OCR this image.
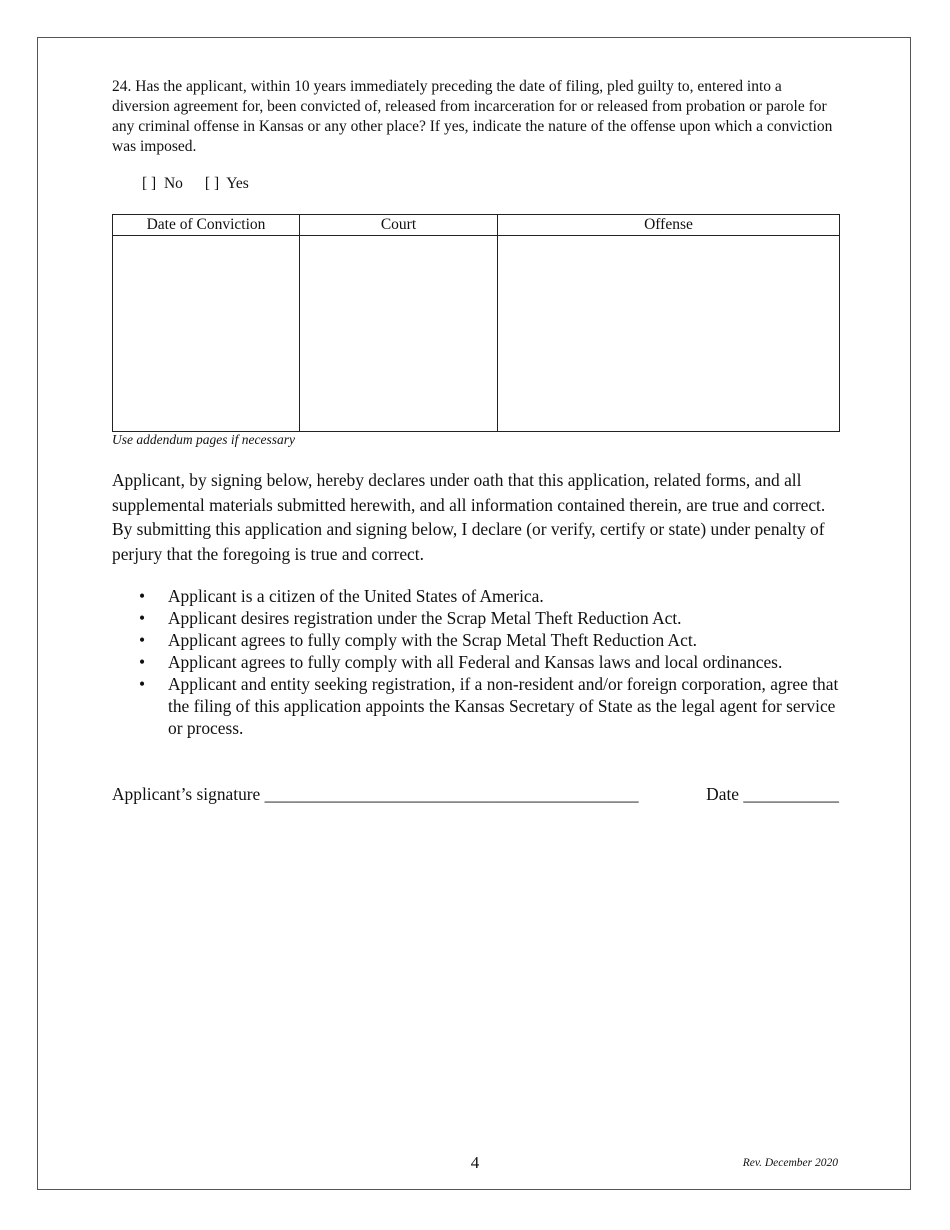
24. Has the applicant, within 10 years immediately preceding the date of filing, pled guilty to, entered into a diversion agreement for, been convicted of, released from incarceration for or released from probation or parole for any criminal offense in Kansas or any other place? If yes, indicate the nature of the offense upon which a conviction was imposed.
[ ]  No [ ]  Yes
Date of Conviction	Court	Offense

Use addendum pages if necessary
Applicant, by signing below, hereby declares under oath that this application, related forms, and all supplemental materials submitted herewith, and all information contained therein, are true and correct. By submitting this application and signing below, I declare (or verify, certify or state) under penalty of perjury that the foregoing is true and correct.
• Applicant is a citizen of the United States of America.
• Applicant desires registration under the Scrap Metal Theft Reduction Act.
• Applicant agrees to fully comply with the Scrap Metal Theft Reduction Act.
• Applicant agrees to fully comply with all Federal and Kansas laws and local ordinances.
• Applicant and entity seeking registration, if a non-resident and/or foreign corporation, agree that the filing of this application appoints the Kansas Secretary of State as the legal agent for service or process.
Applicant’s signature ___________________________________________	Date ___________
4	Rev. December 2020
